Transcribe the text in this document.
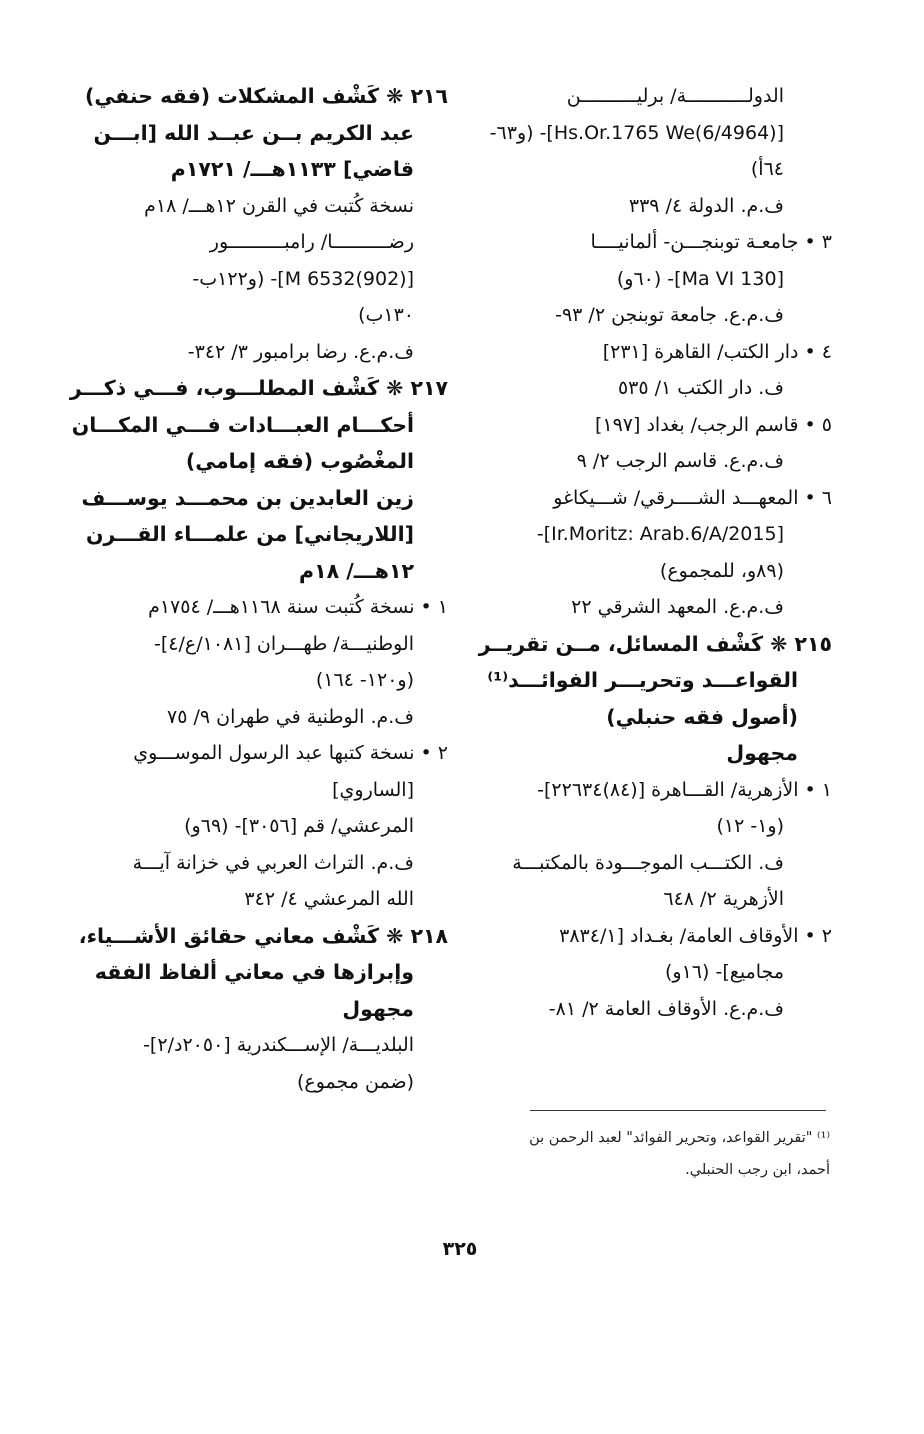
الدولـــــــــــة/ برليــــــــــن
[Hs.Or.1765 We(6/4964)]- (و٦٣-
٦٤أ)
ف.م. الدولة ٤/ ٣٣٩
٣ • جامعـة توبنجـــن- ألمانيــــا
[Ma VI 130]- (٦٠و)
ف.م.ع. جامعة توبنجن ٢/ ٩٣-
٤ • دار الكتب/ القاهرة [٢٣١]
ف. دار الكتب ١/ ٥٣٥
٥ • قاسم الرجب/ بغداد [١٩٧]
ف.م.ع. قاسم الرجب ٢/ ٩
٦ • المعهـــد الشــــرقي/ شـــيكاغو
[Ir.Moritz: Arab.6/A/2015]-
(٨٩و، للمجموع)
ف.م.ع. المعهد الشرقي ٢٢
٢١٥ ❋ كَشْف المسائل، مــن تقريــر
القواعـــد وتحريـــر الفوائـــد⁽¹⁾
(أصول فقه حنبلي)
مجهول
١ • الأزهرية/ القـــاهرة [(٨٤)٢٢٦٣٤]-
(و١- ١٢)
ف. الكتـــب الموجـــودة بالمكتبـــة
الأزهرية ٢/ ٦٤٨
٢ • الأوقاف العامة/ بغـداد [٣٨٣٤/١
مجاميع]- (١٦و)
ف.م.ع. الأوقاف العامة ٢/ ٨١-
٢١٦ ❋ كَشْف المشكلات (فقه حنفي)
عبد الكريم بــن عبــد الله [ابـــن
قاضي] ١١٣٣هـــ/ ١٧٢١م
نسخة كُتبت في القرن ١٢هـــ/ ١٨م
رضــــــــــا/ رامبــــــــــور
[M 6532(902)]- (و١٢٢ب-
١٣٠ب)
ف.م.ع. رضا برامبور ٣/ ٣٤٢-
٢١٧ ❋ كَشْف المطلـــوب، فـــي ذكـــر
أحكـــام العبـــادات فـــي المكـــان
المغْصُوب (فقه إمامي)
زين العابدين بن محمـــد يوســـف
[اللاريجاني] من علمـــاء القـــرن
١٢هـــ/ ١٨م
١ • نسخة كُتبت سنة ١١٦٨هـــ/ ١٧٥٤م
الوطنيـــة/ طهـــران [١٠٨١/ع/٤]-
(و١٢٠- ١٦٤)
ف.م. الوطنية في طهران ٩/ ٧٥
٢ • نسخة كتبها عبد الرسول الموســـوي
[الساروي]
المرعشي/ قم [٣٠٥٦]- (٦٩و)
ف.م. التراث العربي في خزانة آيـــة
الله المرعشي ٤/ ٣٤٢
٢١٨ ❋ كَشْف معاني حقائق الأشـــياء،
وإبرازها في معاني ألفاظ الفقه
مجهول
البلديـــة/ الإســـكندرية [٢٠٥٠د/٢]-
(ضمن مجموع)
⁽¹⁾ "تقرير القواعد، وتحرير الفوائد" لعبد الرحمن بن
أحمد، ابن رجب الحنبلي.
٣٢٥
